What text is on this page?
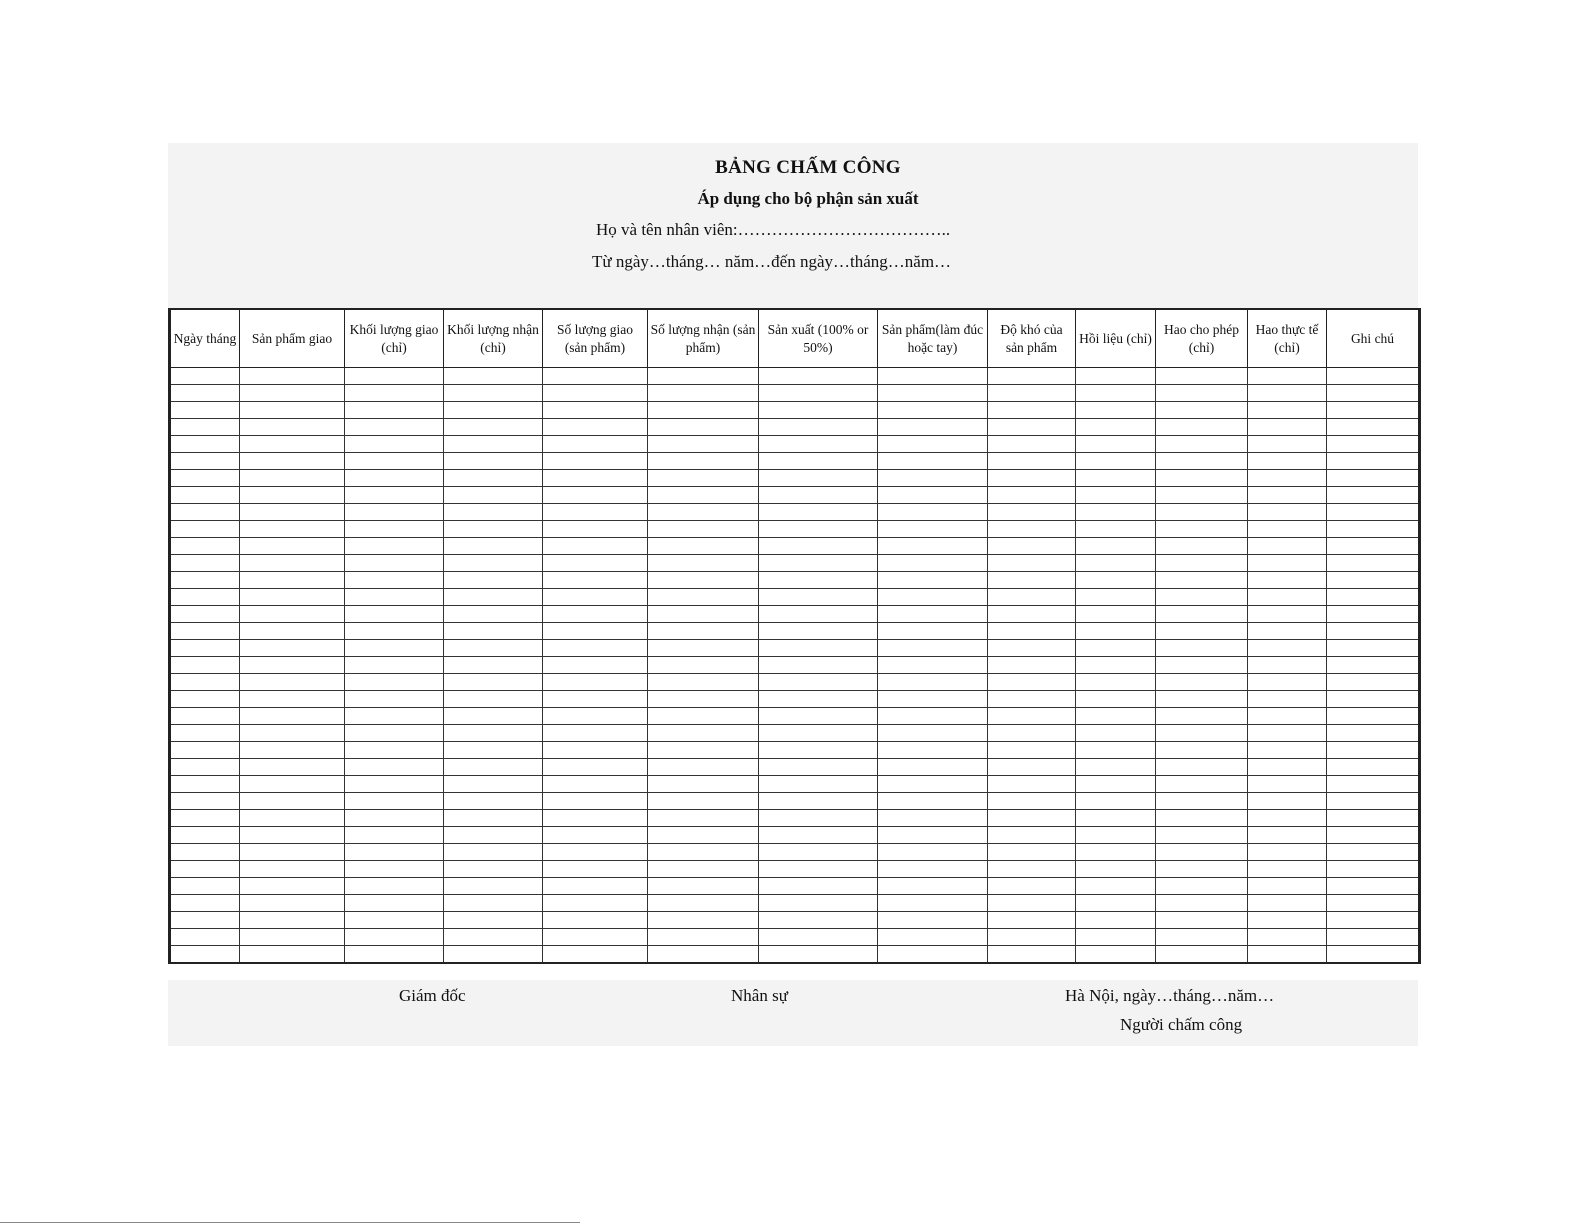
BẢNG CHẤM CÔNG
Áp dụng cho bộ phận sản xuất
Họ và tên nhân viên:………………………………..
Từ ngày…tháng… năm…đến ngày…tháng…năm…
Ngày tháng	Sản phẩm giao	Khối lượng giao (chỉ)	Khối lượng nhận (chỉ)	Số lượng giao (sản phẩm)	Số lượng nhận (sản phẩm)	Sản xuất (100% or 50%)	Sản phẩm(làm đúc hoặc tay)	Độ khó của sản phẩm	Hồi liệu (chỉ)	Hao cho phép (chỉ)	Hao thực tế (chỉ)	Ghi chú

Giám đốc	Nhân sự	Hà Nội, ngày…tháng…năm…
Người chấm công
